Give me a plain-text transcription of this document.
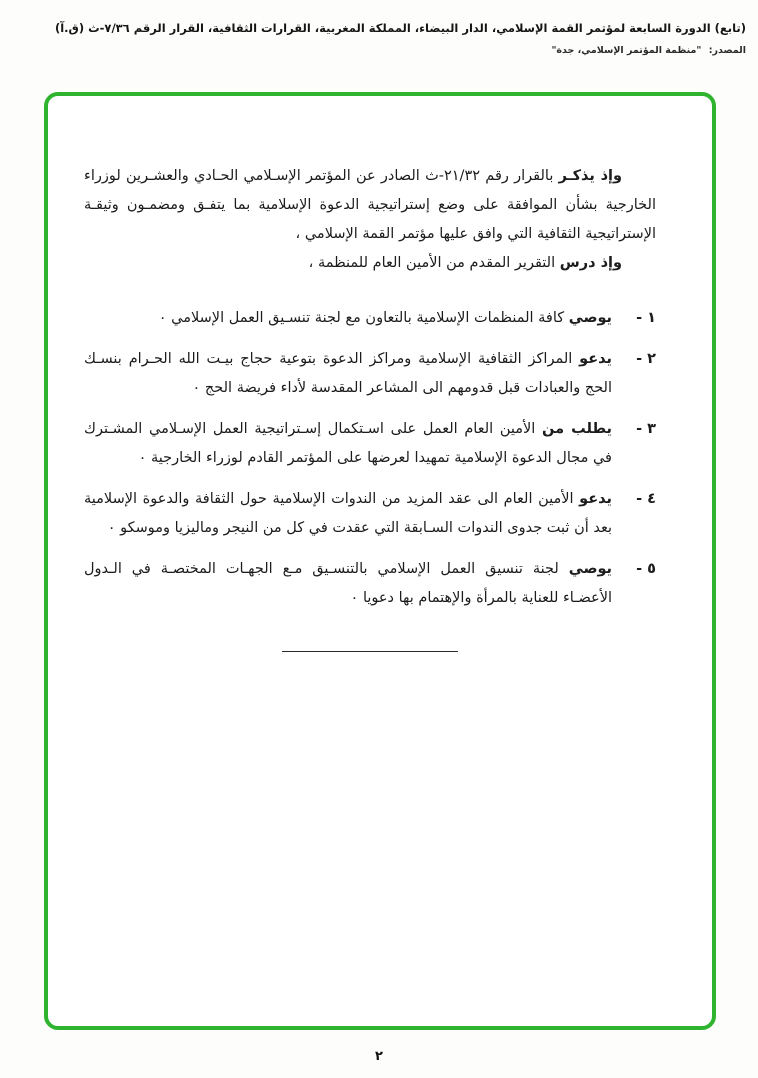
(تابع) الدورة السابعة لمؤتمر القمة الإسلامي، الدار البيضاء، المملكة المغربية، القرارات الثقافية، القرار الرقم ٧/٣٦-ث (ق.آ)
المصدر: "منظمة المؤتمر الإسلامي، جدة"

وإذ يذكـر بالقرار رقم ٢١/٣٢-ث الصادر عن المؤتمر الإسـلامي الحـادي والعشـرين لوزراء الخارجية بشأن الموافقة على وضع إستراتيجية الدعوة الإسلامية بما يتفـق ومضمـون وثيقـة الإستراتيجية الثقافية التي وافق عليها مؤتمر القمة الإسلامي ،

وإذ درس التقرير المقدم من الأمين العام للمنظمة ،

١ -
يوصي كافة المنظمات الإسلامية بالتعاون مع لجنة تنسـيق العمل الإسلامي ٠
٢ -
يدعو المراكز الثقافية الإسلامية ومراكز الدعوة بتوعية حجاج بيـت الله الحـرام بنسـك الحج والعبادات قبل قدومهم الى المشاعر المقدسة لأداء فريضة الحج ٠
٣ -
يطلب من الأمين العام العمل على اسـتكمال إسـتراتيجية العمل الإسـلامي المشـترك في مجال الدعوة الإسلامية تمهيدا لعرضها على المؤتمر القادم لوزراء الخارجية ٠
٤ -
يدعو الأمين العام الى عقد المزيد من الندوات الإسلامية حول الثقافة والدعوة الإسلامية بعد أن ثبت جدوى الندوات السـابقة التي عقدت في كل من النيجر وماليزيا وموسكو ٠
٥ -
يوصي لجنة تنسيق العمل الإسلامي بالتنسـيق مـع الجهـات المختصـة في الـدول الأعضـاء للعناية بالمرأة والإهتمام بها دعويا ٠
٢
